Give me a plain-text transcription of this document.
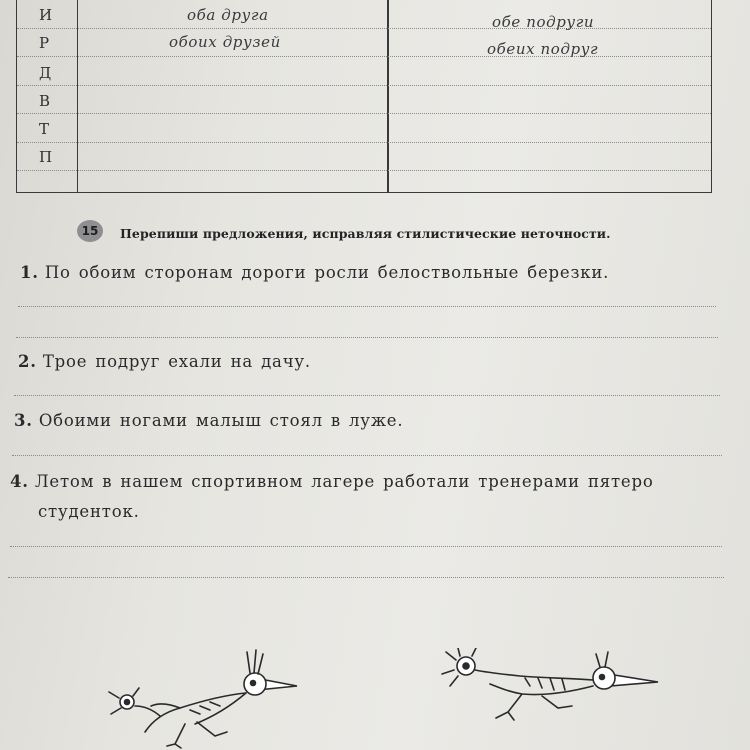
И
Р
Д
В
Т
П
оба друга
обоих друзей
обе подруги
обеих подруг
15	Перепиши предложения, исправляя стилистические неточности.
1. По обоим сторонам дороги росли белоствольные березки.
2. Трое подруг ехали на дачу.
3. Обоими ногами малыш стоял в луже.
4. Летом в нашем спортивном лагере работали тренерами пятеро
студенток.
